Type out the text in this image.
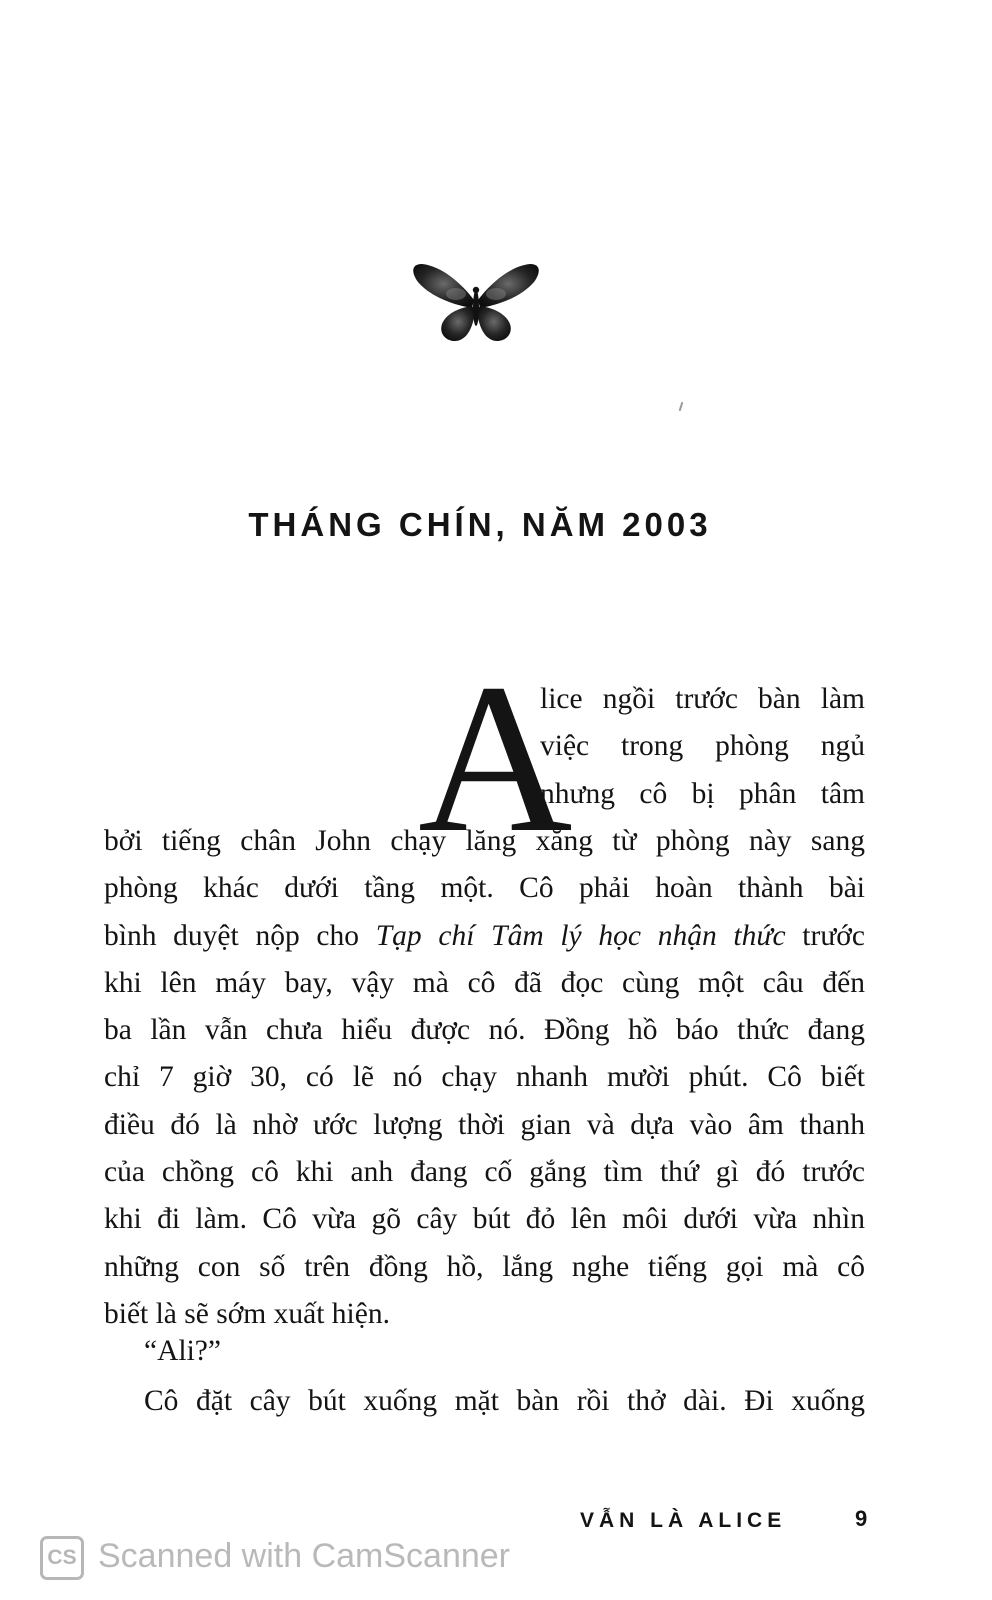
THÁNG CHÍN, NĂM 2003
A
lice ngồi trước bàn làm
việc trong phòng ngủ
nhưng cô bị phân tâm
bởi tiếng chân John chạy lăng xăng từ phòng này sang
phòng khác dưới tầng một. Cô phải hoàn thành bài
bình duyệt nộp cho Tạp chí Tâm lý học nhận thức trước
khi lên máy bay, vậy mà cô đã đọc cùng một câu đến
ba lần vẫn chưa hiểu được nó. Đồng hồ báo thức đang
chỉ 7 giờ 30, có lẽ nó chạy nhanh mười phút. Cô biết
điều đó là nhờ ước lượng thời gian và dựa vào âm thanh
của chồng cô khi anh đang cố gắng tìm thứ gì đó trước
khi đi làm. Cô vừa gõ cây bút đỏ lên môi dưới vừa nhìn
những con số trên đồng hồ, lắng nghe tiếng gọi mà cô
biết là sẽ sớm xuất hiện.
“Ali?”
Cô đặt cây bút xuống mặt bàn rồi thở dài. Đi xuống
VẪN LÀ ALICE	9
CS Scanned with CamScanner
